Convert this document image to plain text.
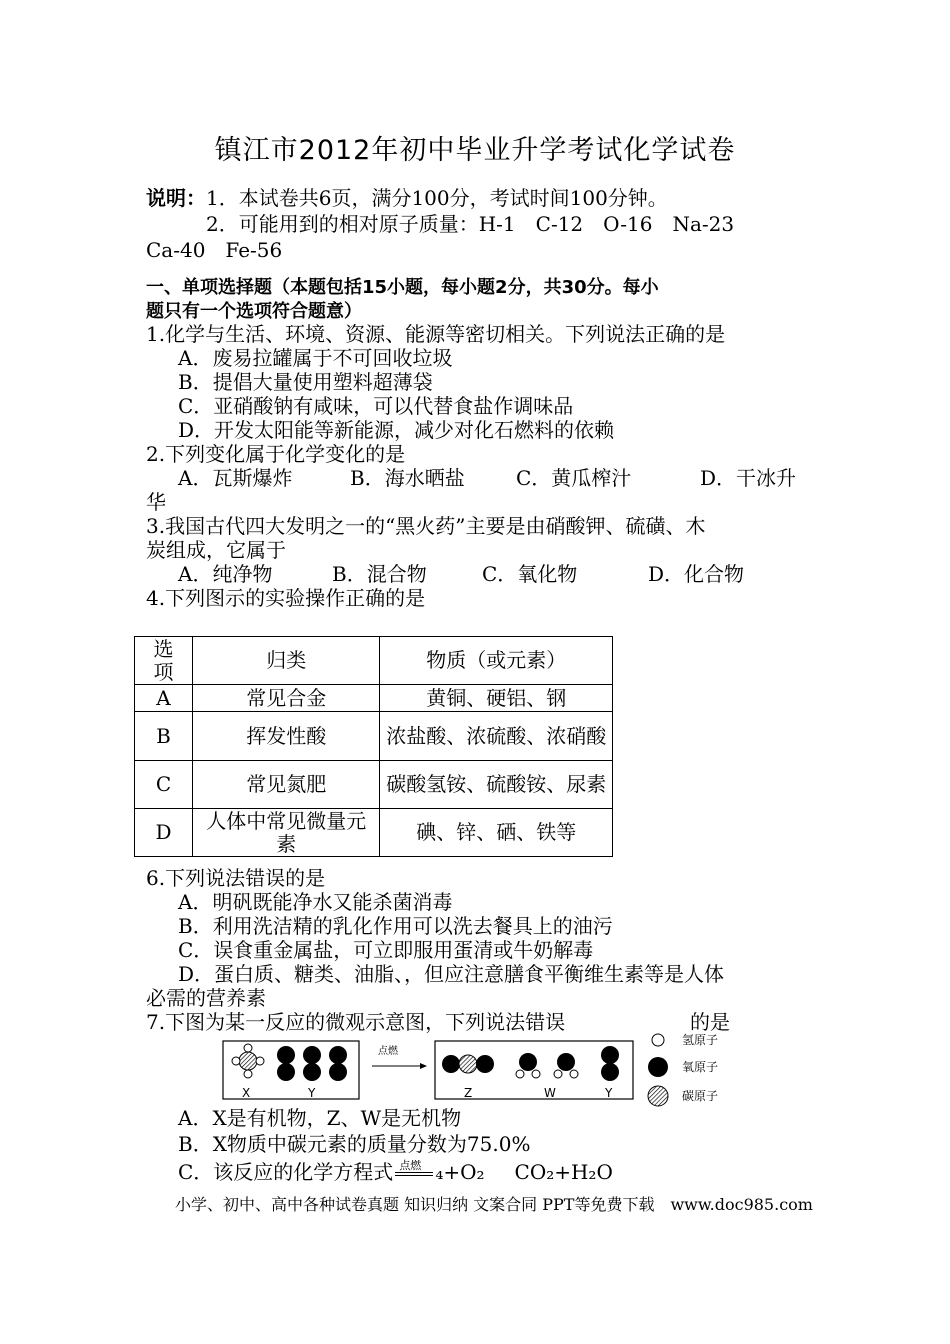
镇江市2012年初中毕业升学考试化学试卷
说明：1．本试卷共6页，满分100分，考试时间100分钟。
2．可能用到的相对原子质量：H-1　C-12　O-16　Na-23
Ca-40　Fe-56
一、单项选择题（本题包括15小题，每小题2分，共30分。每小
题只有一个选项符合题意）
1.化学与生活、环境、资源、能源等密切相关。下列说法正确的是
A．废易拉罐属于不可回收垃圾
B．提倡大量使用塑料超薄袋
C．亚硝酸钠有咸味，可以代替食盐作调味品
D．开发太阳能等新能源，减少对化石燃料的依赖
2.下列变化属于化学变化的是
A．瓦斯爆炸	B．海水晒盐	C．黄瓜榨汁	D．干冰升
华
3.我国古代四大发明之一的“黑火药”主要是由硝酸钾、硫磺、木
炭组成，它属于
A．纯净物	B．混合物	C．氧化物	D．化合物
4.下列图示的实验操作正确的是
选项	归类	物质（或元素）
A	常见合金	黄铜、硬铝、钢
B	挥发性酸	浓盐酸、浓硫酸、浓硝酸
C	常见氮肥	碳酸氢铵、硫酸铵、尿素
D	人体中常见微量元素	碘、锌、硒、铁等
6.下列说法错误的是
A．明矾既能净水又能杀菌消毒
B．利用洗洁精的乳化作用可以洗去餐具上的油污
C．误食重金属盐，可立即服用蛋清或牛奶解毒
D．蛋白质、糖类、油脂、，但应注意膳食平衡维生素等是人体
必需的营养素
7.下图为某一反应的微观示意图，下列说法错误	的是
X	Y
点燃
Z	W	Y
氢原子
氧原子
碳原子
A．X是有机物，Z、W是无机物
B．X物质中碳元素的质量分数为75.0%
C．该反应的化学方程式 点燃 ₄+O₂ CO₂+H₂O
小学、初中、高中各种试卷真题 知识归纳 文案合同 PPT等免费下载　www.doc985.com
